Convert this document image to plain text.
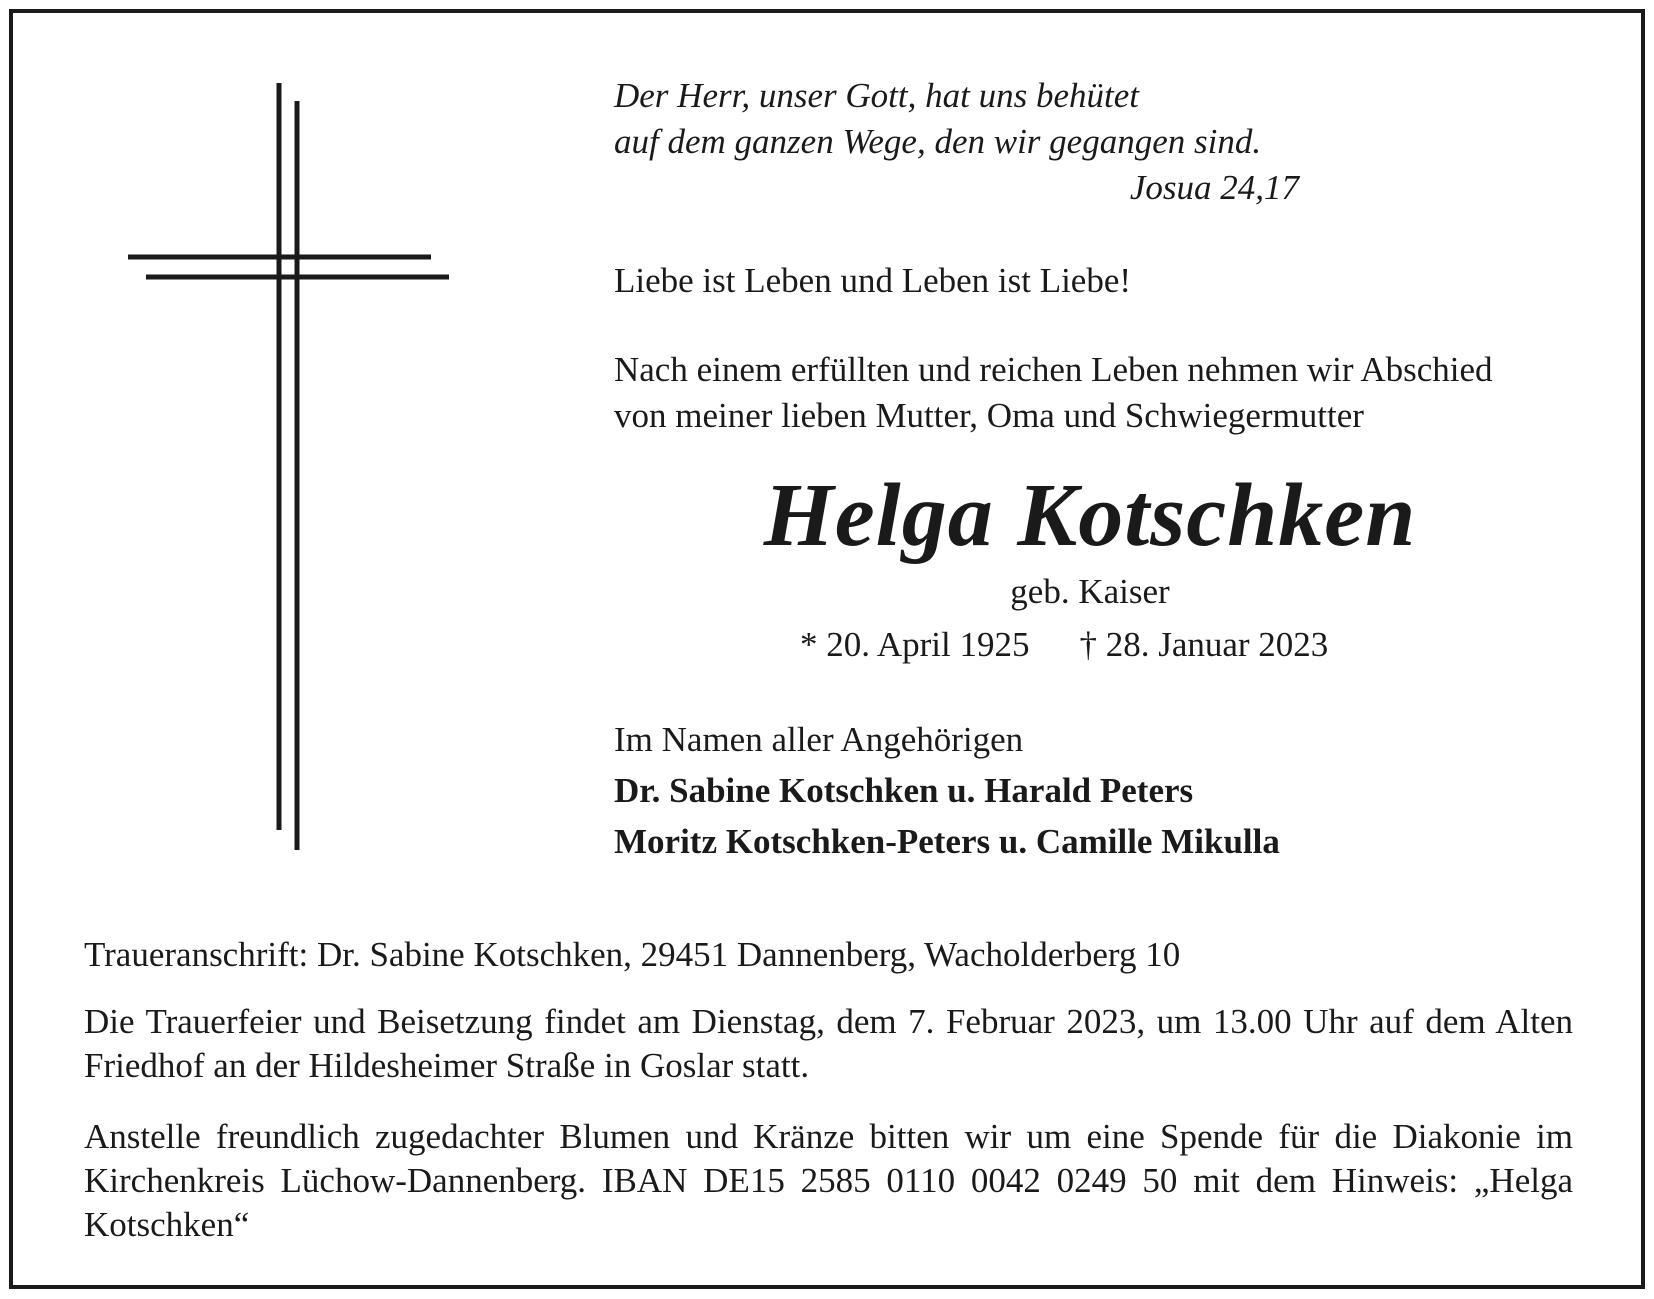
Der Herr, unser Gott, hat uns behütet
auf dem ganzen Wege, den wir gegangen sind.
Josua 24,17
Liebe ist Leben und Leben ist Liebe!
Nach einem erfüllten und reichen Leben nehmen wir Abschied
von meiner lieben Mutter, Oma und Schwiegermutter
Helga Kotschken
geb. Kaiser
* 20. April 1925 † 28. Januar 2023
Im Namen aller Angehörigen
Dr. Sabine Kotschken u. Harald Peters
Moritz Kotschken-Peters u. Camille Mikulla
Traueranschrift: Dr. Sabine Kotschken, 29451 Dannenberg, Wacholderberg 10
Die Trauerfeier und Beisetzung findet am Dienstag, dem 7. Februar 2023, um 13.00 Uhr auf dem Alten Friedhof an der Hildesheimer Straße in Goslar statt.
Anstelle freundlich zugedachter Blumen und Kränze bitten wir um eine Spende für die Diakonie im Kirchenkreis Lüchow-Dannenberg. IBAN DE15 2585 0110 0042 0249 50 mit dem Hinweis: „Helga Kotschken“
